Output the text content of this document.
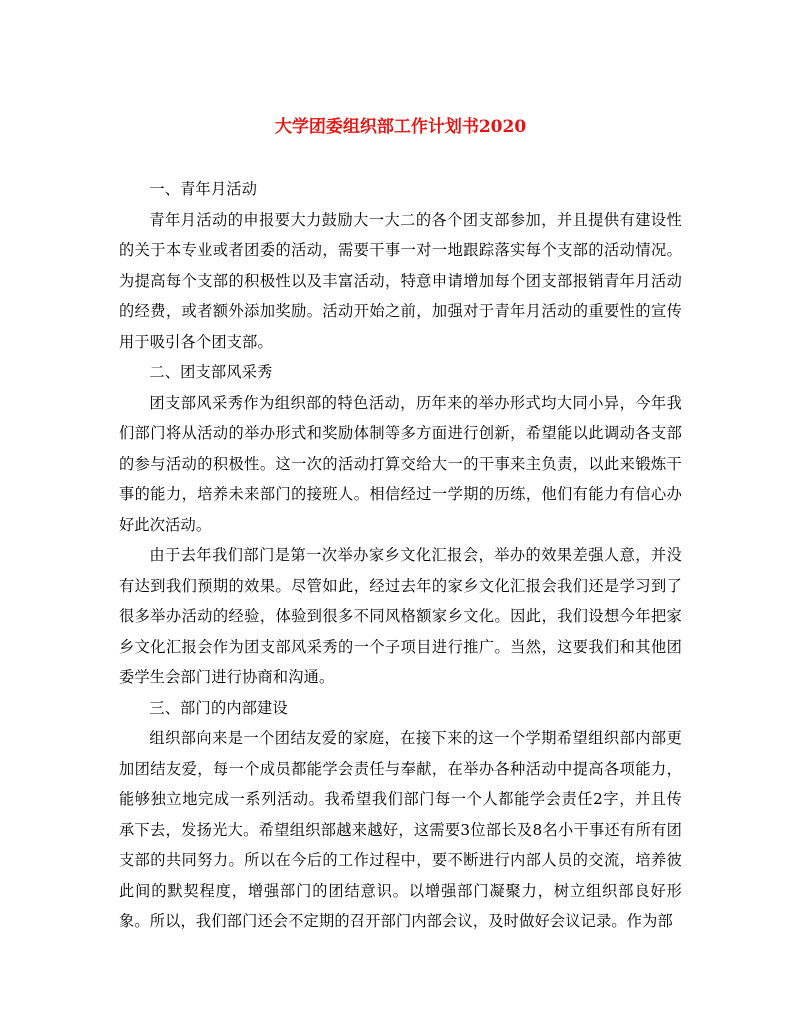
大学团委组织部工作计划书2020

一、青年月活动

青年月活动的申报要大力鼓励大一大二的各个团支部参加，并且提供有建设性的关于本专业或者团委的活动，需要干事一对一地跟踪落实每个支部的活动情况。为提高每个支部的积极性以及丰富活动，特意申请增加每个团支部报销青年月活动的经费，或者额外添加奖励。活动开始之前，加强对于青年月活动的重要性的宣传用于吸引各个团支部。

二、团支部风采秀

团支部风采秀作为组织部的特色活动，历年来的举办形式均大同小异，今年我们部门将从活动的举办形式和奖励体制等多方面进行创新，希望能以此调动各支部的参与活动的积极性。这一次的活动打算交给大一的干事来主负责，以此来锻炼干事的能力，培养未来部门的接班人。相信经过一学期的历练，他们有能力有信心办好此次活动。

由于去年我们部门是第一次举办家乡文化汇报会，举办的效果差强人意，并没有达到我们预期的效果。尽管如此，经过去年的家乡文化汇报会我们还是学习到了很多举办活动的经验，体验到很多不同风格额家乡文化。因此，我们设想今年把家乡文化汇报会作为团支部风采秀的一个子项目进行推广。当然，这要我们和其他团委学生会部门进行协商和沟通。

三、部门的内部建设

组织部向来是一个团结友爱的家庭，在接下来的这一个学期希望组织部内部更加团结友爱，每一个成员都能学会责任与奉献，在举办各种活动中提高各项能力，能够独立地完成一系列活动。我希望我们部门每一个人都能学会责任2字，并且传承下去，发扬光大。希望组织部越来越好，这需要3位部长及8名小干事还有所有团支部的共同努力。所以在今后的工作过程中，要不断进行内部人员的交流，培养彼此间的默契程度，增强部门的团结意识。以增强部门凝聚力，树立组织部良好形象。所以，我们部门还会不定期的召开部门内部会议，及时做好会议记录。作为部
